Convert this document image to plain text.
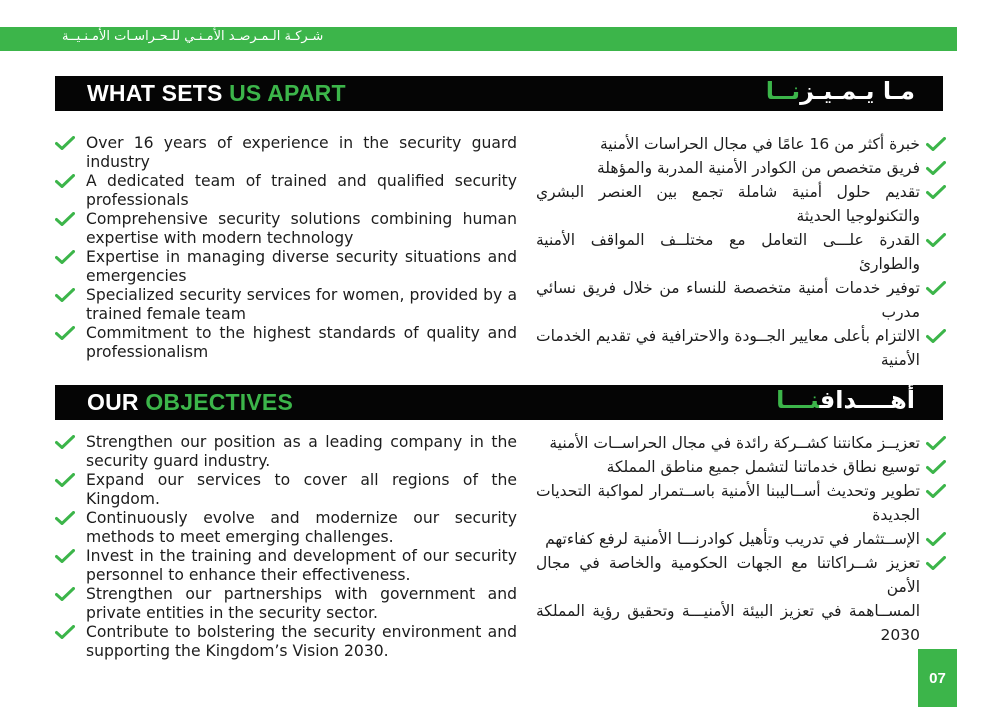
شـركـة الـمـرصـد الأمـنـي للـحـراسـات الأمـنـيــة
WHAT SETS US APART	مـا يـمـيـزنــا
Over 16 years of experience in the security guard industry
A dedicated team of trained and qualified security professionals
Comprehensive security solutions combining human expertise with modern technology
Expertise in managing diverse security situations and emergencies
Specialized security services for women, provided by a trained female team
Commitment to the highest standards of quality and professionalism
خبرة أكثر من 16 عامًا في مجال الحراسات الأمنية
فريق متخصص من الكوادر الأمنية المدربة والمؤهلة
تقديم حلول أمنية شاملة تجمع بين العنصر البشري والتكنولوجيا الحديثة
القدرة علـــى التعامل مع مختلــف المواقف الأمنية والطوارئ
توفير خدمات أمنية متخصصة للنساء من خلال فريق نسائي مدرب
الالتزام بأعلى معايير الجــودة والاحترافية في تقديم الخدمات الأمنية
OUR OBJECTIVES	أهــــدافنـــا
Strengthen our position as a leading company in the security guard industry.
Expand our services to cover all regions of the Kingdom.
Continuously evolve and modernize our security methods to meet emerging challenges.
Invest in the training and development of our security personnel to enhance their effectiveness.
Strengthen our partnerships with government and private entities in the security sector.
Contribute to bolstering the security environment and supporting the Kingdom’s Vision 2030.
تعزيــز مكانتنا كشــركة رائدة في مجال الحراســات الأمنية
توسيع نطاق خدماتنا لتشمل جميع مناطق المملكة
تطوير وتحديث أســاليبنا الأمنية باســتمرار لمواكبة التحديات الجديدة
الإســتثمار في تدريب وتأهيل كوادرنـــا الأمنية لرفع كفاءتهم
تعزيز شــراكاتنا مع الجهات الحكومية والخاصة في مجال الأمن
المســاهمة في تعزيز البيئة الأمنيـــة وتحقيق رؤية المملكة 2030
07
